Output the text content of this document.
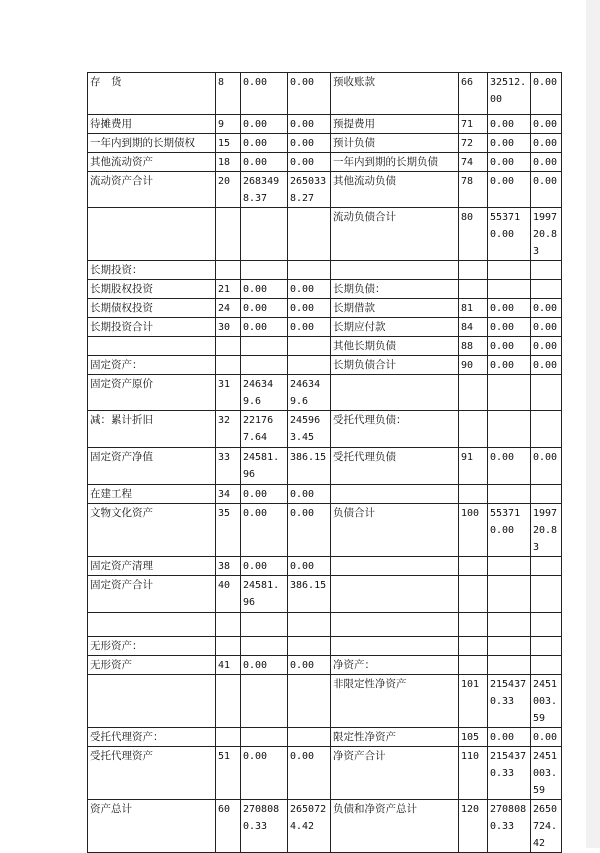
存　货	8	0.00	0.00	预收账款	66	32512.00	0.00
待摊费用	9	0.00	0.00	预提费用	71	0.00	0.00
一年内到期的长期债权	15	0.00	0.00	预计负债	72	0.00	0.00
其他流动资产	18	0.00	0.00	一年内到期的长期负债	74	0.00	0.00
流动资产合计	20	2683498.37	2650338.27	其他流动负债	78	0.00	0.00
				流动负债合计	80	553710.00	199720.83
长期投资：							
长期股权投资	21	0.00	0.00	长期负债：			
长期债权投资	24	0.00	0.00	长期借款	81	0.00	0.00
长期投资合计	30	0.00	0.00	长期应付款	84	0.00	0.00
				其他长期负债	88	0.00	0.00
固定资产：				长期负债合计	90	0.00	0.00
固定资产原价	31	246349.6	246349.6				
减：累计折旧	32	221767.64	245963.45	受托代理负债：			
固定资产净值	33	24581.96	386.15	受托代理负债	91	0.00	0.00
在建工程	34	0.00	0.00				
文物文化资产	35	0.00	0.00	负债合计	100	553710.00	199720.83
固定资产清理	38	0.00	0.00				
固定资产合计	40	24581.96	386.15				

无形资产：							
无形资产	41	0.00	0.00	净资产：			
				非限定性净资产	101	2154370.33	2451003.59
受托代理资产：				限定性净资产	105	0.00	0.00
受托代理资产	51	0.00	0.00	净资产合计	110	2154370.33	2451003.59
资产总计	60	2708080.33	2650724.42	负债和净资产总计	120	2708080.33	2650724.42
